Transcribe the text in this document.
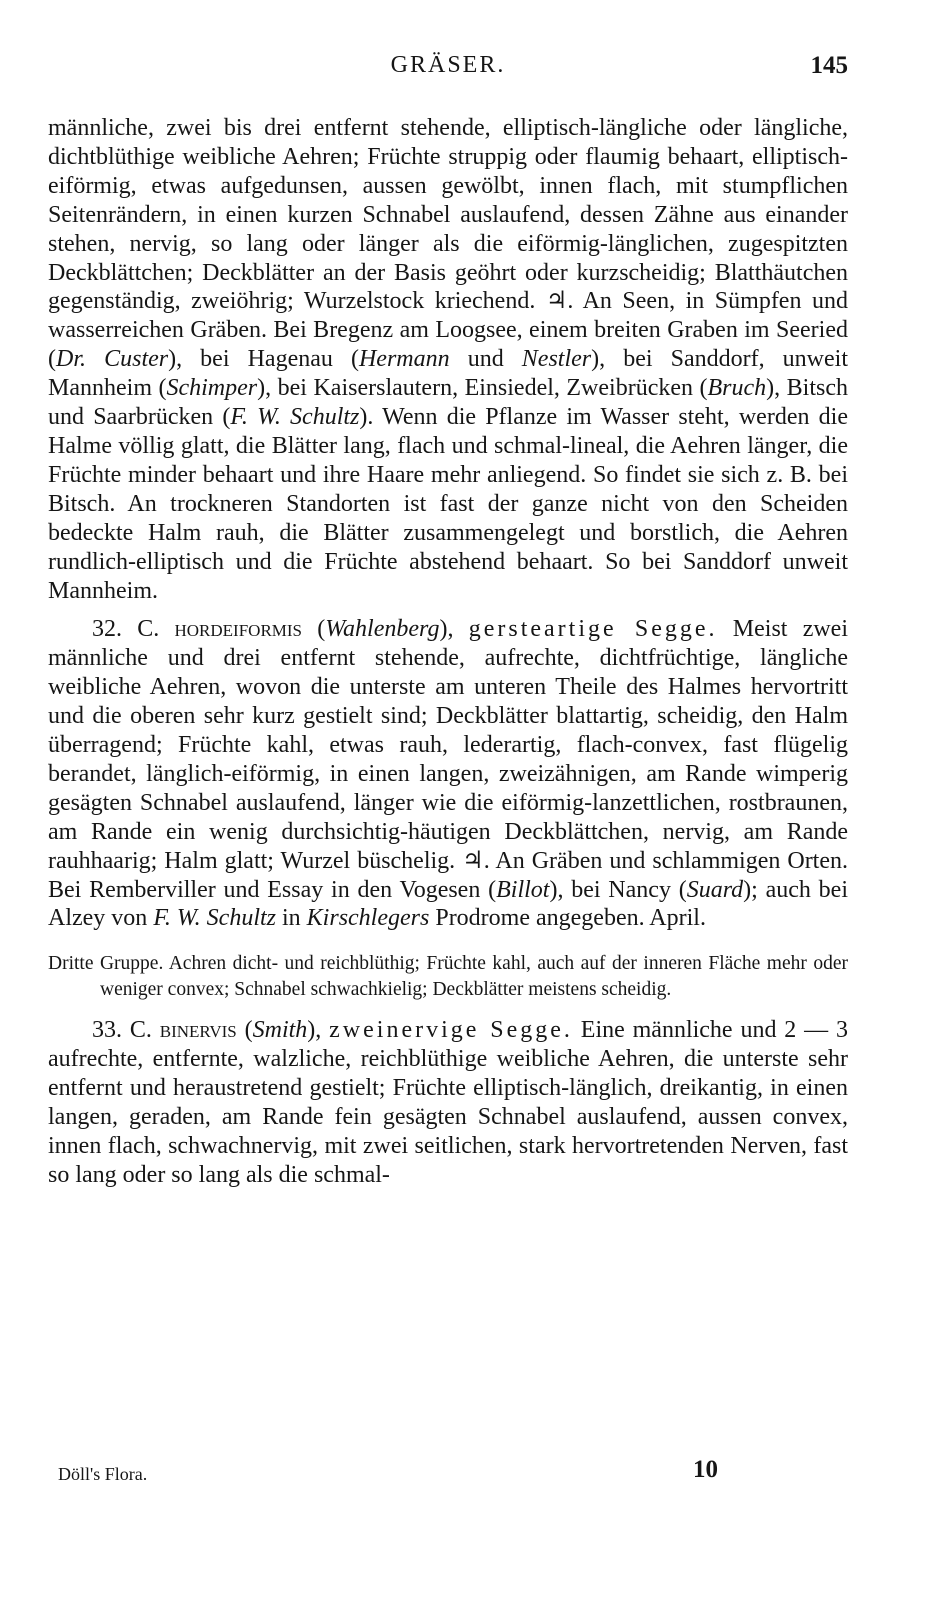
GRÄSER.	145

männliche, zwei bis drei entfernt stehende, elliptisch-längliche oder längliche, dichtblüthige weibliche Aehren; Früchte struppig oder flaumig behaart, elliptisch-eiförmig, etwas aufgedunsen, aussen gewölbt, innen flach, mit stumpflichen Seitenrändern, in einen kurzen Schnabel auslaufend, dessen Zähne aus einander stehen, nervig, so lang oder länger als die eiförmig-länglichen, zugespitzten Deckblättchen; Deckblätter an der Basis geöhrt oder kurzscheidig; Blatthäutchen gegenständig, zweiöhrig; Wurzelstock kriechend. ♃. An Seen, in Sümpfen und wasserreichen Gräben. Bei Bregenz am Loogsee, einem breiten Graben im Seeried (Dr. Custer), bei Hagenau (Hermann und Nestler), bei Sanddorf, unweit Mannheim (Schimper), bei Kaiserslautern, Einsiedel, Zweibrücken (Bruch), Bitsch und Saarbrücken (F. W. Schultz). Wenn die Pflanze im Wasser steht, werden die Halme völlig glatt, die Blätter lang, flach und schmal-lineal, die Aehren länger, die Früchte minder behaart und ihre Haare mehr anliegend. So findet sie sich z. B. bei Bitsch. An trockneren Standorten ist fast der ganze nicht von den Scheiden bedeckte Halm rauh, die Blätter zusammengelegt und borstlich, die Aehren rundlich-elliptisch und die Früchte abstehend behaart. So bei Sanddorf unweit Mannheim.

32. C. hordeiformis (Wahlenberg), gersteartige Segge. Meist zwei männliche und drei entfernt stehende, aufrechte, dichtfrüchtige, längliche weibliche Aehren, wovon die unterste am unteren Theile des Halmes hervortritt und die oberen sehr kurz gestielt sind; Deckblätter blattartig, scheidig, den Halm überragend; Früchte kahl, etwas rauh, lederartig, flach-convex, fast flügelig berandet, länglich-eiförmig, in einen langen, zweizähnigen, am Rande wimperig gesägten Schnabel auslaufend, länger wie die eiförmig-lanzettlichen, rostbraunen, am Rande ein wenig durchsichtig-häutigen Deckblättchen, nervig, am Rande rauhhaarig; Halm glatt; Wurzel büschelig. ♃. An Gräben und schlammigen Orten. Bei Remberviller und Essay in den Vogesen (Billot), bei Nancy (Suard); auch bei Alzey von F. W. Schultz in Kirschlegers Prodrome angegeben. April.

Dritte Gruppe. Achren dicht- und reichblüthig; Früchte kahl, auch auf der inneren Fläche mehr oder weniger convex; Schnabel schwachkielig; Deckblätter meistens scheidig.

33. C. binervis (Smith), zweinervige Segge. Eine männliche und 2 — 3 aufrechte, entfernte, walzliche, reichblüthige weibliche Aehren, die unterste sehr entfernt und heraustretend gestielt; Früchte elliptisch-länglich, dreikantig, in einen langen, geraden, am Rande fein gesägten Schnabel auslaufend, aussen convex, innen flach, schwachnervig, mit zwei seitlichen, stark hervortretenden Nerven, fast so lang oder so lang als die schmal-

Döll's Flora.	10
